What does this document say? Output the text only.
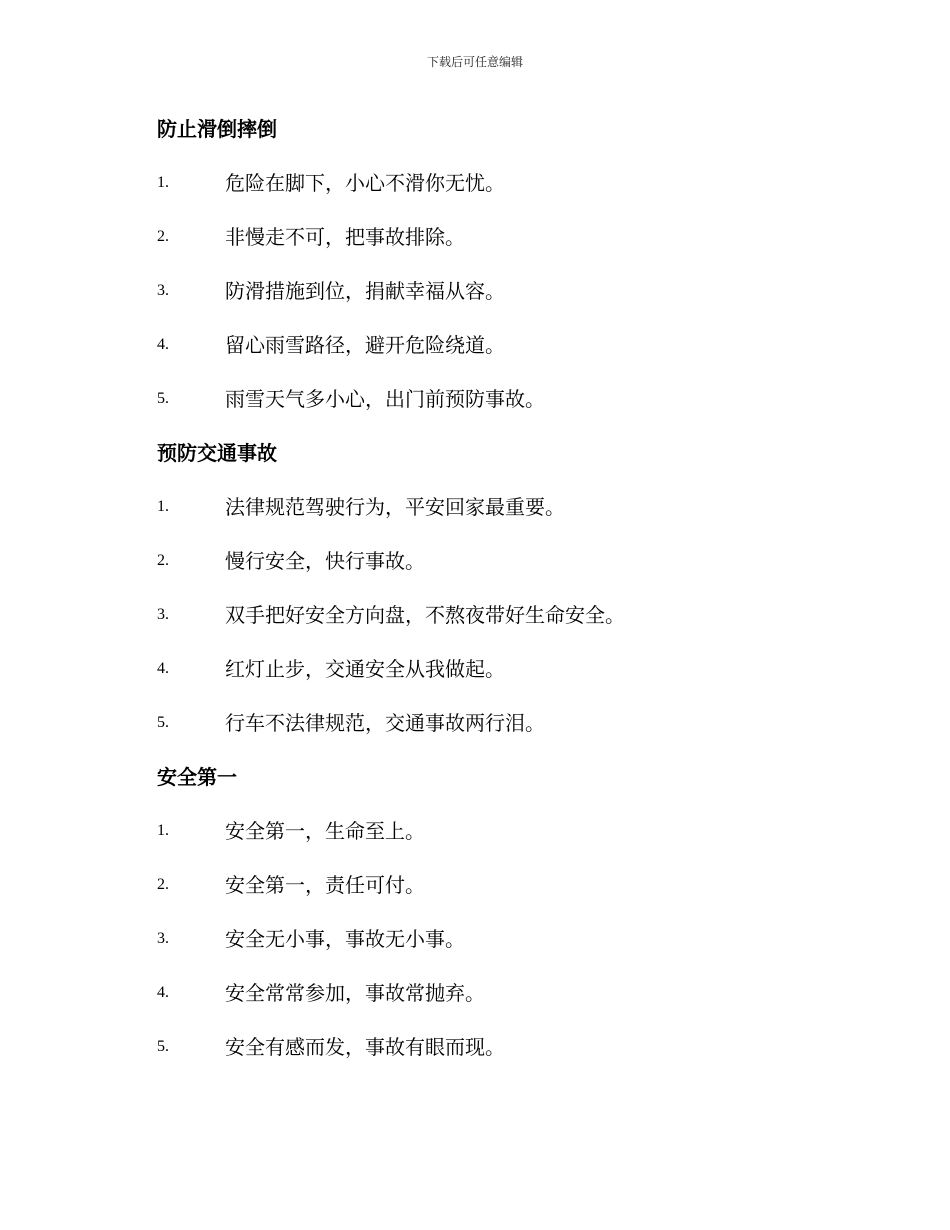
下载后可任意编辑
防止滑倒摔倒
1.	危险在脚下，小心不滑你无忧。
2.	非慢走不可，把事故排除。
3.	防滑措施到位，捐献幸福从容。
4.	留心雨雪路径，避开危险绕道。
5.	雨雪天气多小心，出门前预防事故。
预防交通事故
1.	法律规范驾驶行为，平安回家最重要。
2.	慢行安全，快行事故。
3.	双手把好安全方向盘，不熬夜带好生命安全。
4.	红灯止步，交通安全从我做起。
5.	行车不法律规范，交通事故两行泪。
安全第一
1.	安全第一，生命至上。
2.	安全第一，责任可付。
3.	安全无小事，事故无小事。
4.	安全常常参加，事故常抛弃。
5.	安全有感而发，事故有眼而现。
